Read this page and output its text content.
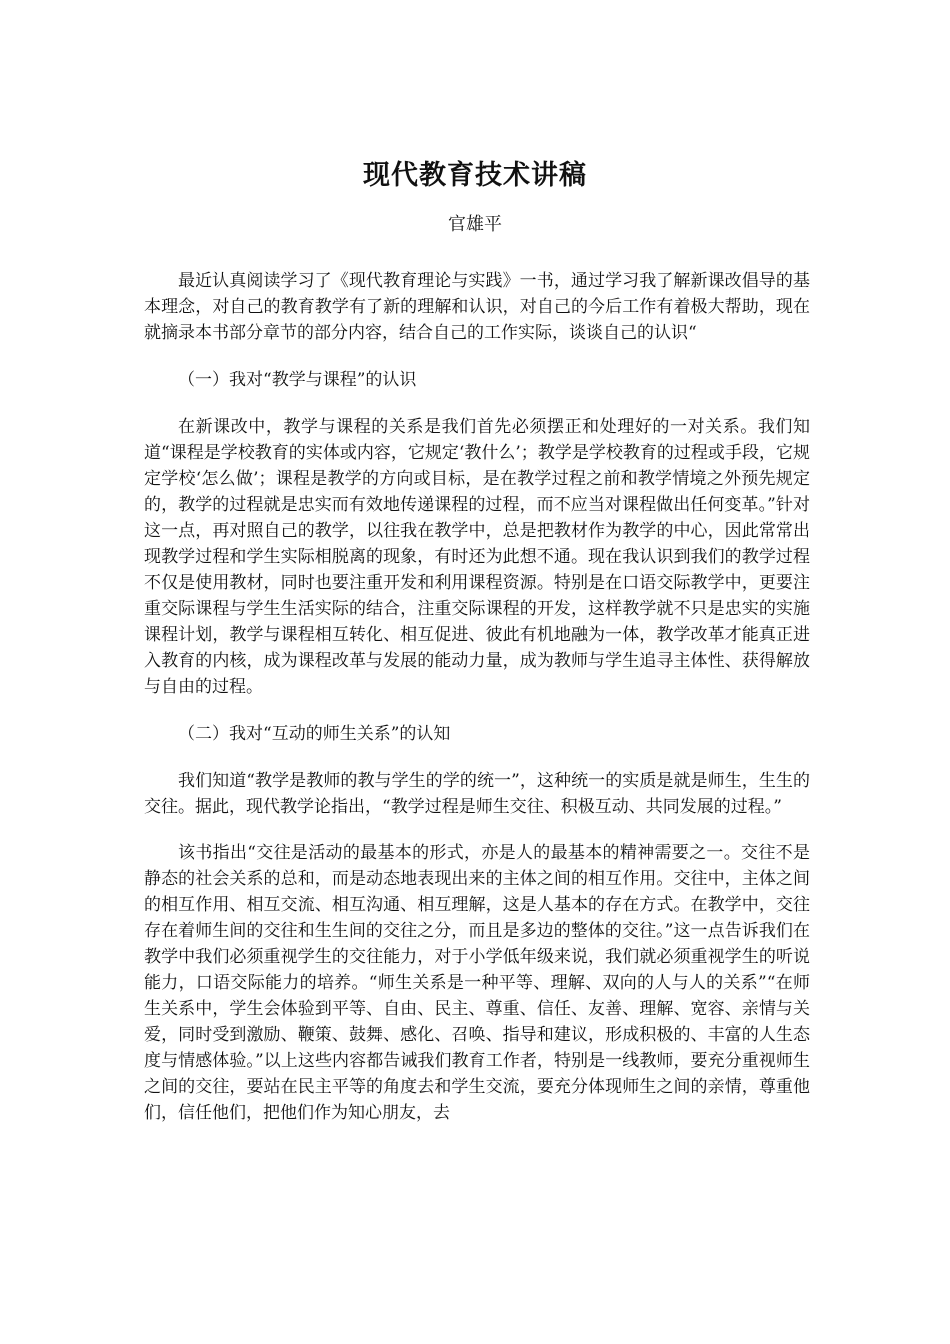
现代教育技术讲稿
官雄平

最近认真阅读学习了《现代教育理论与实践》一书，通过学习我了解新课改倡导的基本理念，对自己的教育教学有了新的理解和认识，对自己的今后工作有着极大帮助，现在就摘录本书部分章节的部分内容，结合自己的工作实际，谈谈自己的认识“

（一）我对“教学与课程”的认识

在新课改中，教学与课程的关系是我们首先必须摆正和处理好的一对关系。我们知道“课程是学校教育的实体或内容，它规定‘教什么’；教学是学校教育的过程或手段，它规定学校‘怎么做’；课程是教学的方向或目标，是在教学过程之前和教学情境之外预先规定的，教学的过程就是忠实而有效地传递课程的过程，而不应当对课程做出任何变革。”针对这一点，再对照自己的教学，以往我在教学中，总是把教材作为教学的中心，因此常常出现教学过程和学生实际相脱离的现象，有时还为此想不通。现在我认识到我们的教学过程不仅是使用教材，同时也要注重开发和利用课程资源。特别是在口语交际教学中，更要注重交际课程与学生生活实际的结合，注重交际课程的开发，这样教学就不只是忠实的实施课程计划，教学与课程相互转化、相互促进、彼此有机地融为一体，教学改革才能真正进入教育的内核，成为课程改革与发展的能动力量，成为教师与学生追寻主体性、获得解放与自由的过程。

（二）我对“互动的师生关系”的认知

我们知道“教学是教师的教与学生的学的统一”，这种统一的实质是就是师生，生生的交往。据此，现代教学论指出，“教学过程是师生交往、积极互动、共同发展的过程。”

该书指出“交往是活动的最基本的形式，亦是人的最基本的精神需要之一。交往不是静态的社会关系的总和，而是动态地表现出来的主体之间的相互作用。交往中，主体之间的相互作用、相互交流、相互沟通、相互理解，这是人基本的存在方式。在教学中，交往存在着师生间的交往和生生间的交往之分，而且是多边的整体的交往。”这一点告诉我们在教学中我们必须重视学生的交往能力，对于小学低年级来说，我们就必须重视学生的听说能力，口语交际能力的培养。“师生关系是一种平等、理解、双向的人与人的关系”“在师生关系中，学生会体验到平等、自由、民主、尊重、信任、友善、理解、宽容、亲情与关爱，同时受到激励、鞭策、鼓舞、感化、召唤、指导和建议，形成积极的、丰富的人生态度与情感体验。”以上这些内容都告诫我们教育工作者，特别是一线教师，要充分重视师生之间的交往，要站在民主平等的角度去和学生交流，要充分体现师生之间的亲情，尊重他们，信任他们，把他们作为知心朋友，去
